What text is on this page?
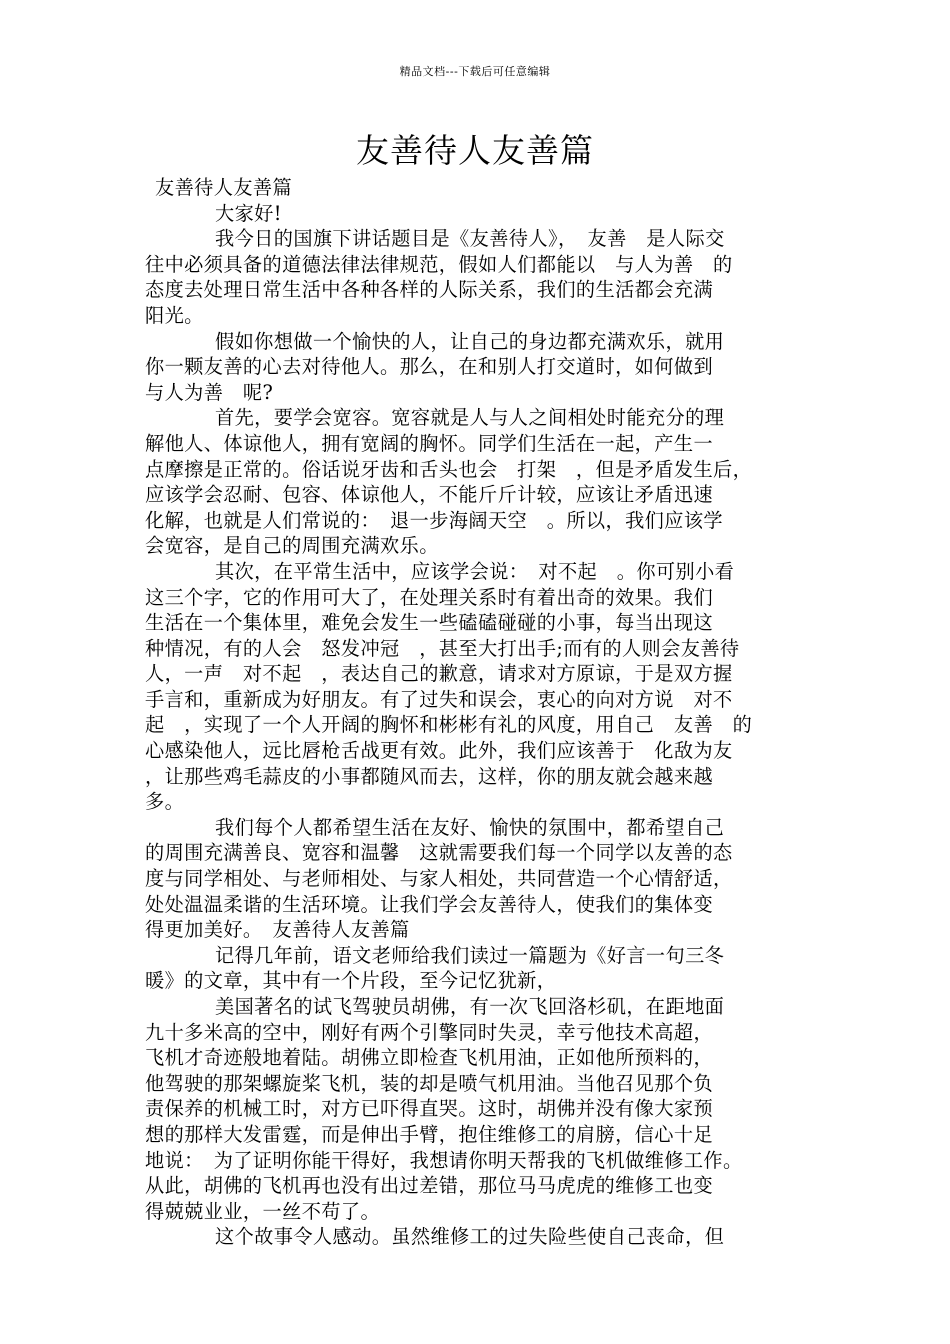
精品文档---下载后可任意编辑
友善待人友善篇
友善待人友善篇
大家好!
我今日的国旗下讲话题目是《友善待人》，　友善　是人际交
往中必须具备的道德法律法律规范，假如人们都能以　与人为善　的
态度去处理日常生活中各种各样的人际关系，我们的生活都会充满
阳光。
假如你想做一个愉快的人，让自己的身边都充满欢乐，就用
你一颗友善的心去对待他人。那么，在和别人打交道时，如何做到
与人为善　呢?
首先，要学会宽容。宽容就是人与人之间相处时能充分的理
解他人、体谅他人，拥有宽阔的胸怀。同学们生活在一起，产生一
点摩擦是正常的。俗话说牙齿和舌头也会　打架　，但是矛盾发生后，
应该学会忍耐、包容、体谅他人，不能斤斤计较，应该让矛盾迅速
化解，也就是人们常说的：　退一步海阔天空　。所以，我们应该学
会宽容，是自己的周围充满欢乐。
其次，在平常生活中，应该学会说：　对不起　。你可别小看
这三个字，它的作用可大了，在处理关系时有着出奇的效果。我们
生活在一个集体里，难免会发生一些磕磕碰碰的小事，每当出现这
种情况，有的人会　怒发冲冠　，甚至大打出手;而有的人则会友善待
人，一声　对不起　，表达自己的歉意，请求对方原谅，于是双方握
手言和，重新成为好朋友。有了过失和误会，衷心的向对方说　对不
起　，实现了一个人开阔的胸怀和彬彬有礼的风度，用自己　友善　的
心感染他人，远比唇枪舌战更有效。此外，我们应该善于　化敌为友
，让那些鸡毛蒜皮的小事都随风而去，这样，你的朋友就会越来越
多。
我们每个人都希望生活在友好、愉快的氛围中，都希望自己
的周围充满善良、宽容和温馨　这就需要我们每一个同学以友善的态
度与同学相处、与老师相处、与家人相处，共同营造一个心情舒适，
处处温温柔谐的生活环境。让我们学会友善待人，使我们的集体变
得更加美好。　友善待人友善篇
记得几年前，语文老师给我们读过一篇题为《好言一句三冬
暖》的文章，其中有一个片段，至今记忆犹新，
美国著名的试飞驾驶员胡佛，有一次飞回洛杉矶，在距地面
九十多米高的空中，刚好有两个引擎同时失灵，幸亏他技术高超，
飞机才奇迹般地着陆。胡佛立即检查飞机用油，正如他所预料的，
他驾驶的那架螺旋桨飞机，装的却是喷气机用油。当他召见那个负
责保养的机械工时，对方已吓得直哭。这时，胡佛并没有像大家预
想的那样大发雷霆，而是伸出手臂，抱住维修工的肩膀，信心十足
地说：　为了证明你能干得好，我想请你明天帮我的飞机做维修工作。
从此，胡佛的飞机再也没有出过差错，那位马马虎虎的维修工也变
得兢兢业业，一丝不苟了。
这个故事令人感动。虽然维修工的过失险些使自己丧命，但
